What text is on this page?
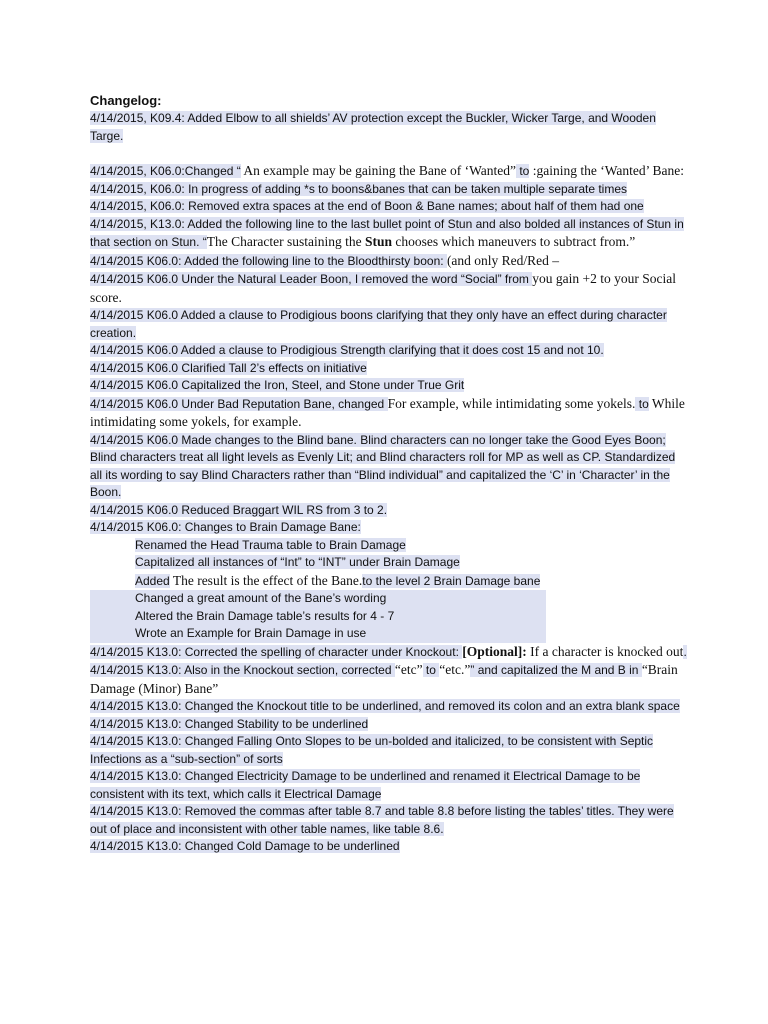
Changelog:

4/14/2015, K09.4: Added Elbow to all shields’ AV protection except the Buckler, Wicker Targe, and Wooden Targe.

4/14/2015, K06.0:Changed “ An example may be gaining the Bane of ‘Wanted” to :gaining the ‘Wanted’ Bane:

4/14/2015, K06.0: In progress of adding *s to boons&banes that can be taken multiple separate times

4/14/2015, K06.0: Removed extra spaces at the end of Boon & Bane names; about half of them had one

4/14/2015, K13.0: Added the following line to the last bullet point of Stun and also bolded all instances of Stun in that section on Stun. “The Character sustaining the Stun chooses which maneuvers to subtract from.”

4/14/2015 K06.0: Added the following line to the Bloodthirsty boon: (and only Red/Red –

4/14/2015 K06.0 Under the Natural Leader Boon, I removed the word “Social” from you gain +2 to your Social score.

4/14/2015 K06.0 Added a clause to Prodigious boons clarifying that they only have an effect during character creation.

4/14/2015 K06.0 Added a clause to Prodigious Strength clarifying that it does cost 15 and not 10.

4/14/2015 K06.0 Clarified Tall 2’s effects on initiative

4/14/2015 K06.0 Capitalized the Iron, Steel, and Stone under True Grit

4/14/2015 K06.0 Under Bad Reputation Bane, changed For example, while intimidating some yokels. to While intimidating some yokels, for example.

4/14/2015 K06.0 Made changes to the Blind bane. Blind characters can no longer take the Good Eyes Boon; Blind characters treat all light levels as Evenly Lit; and Blind characters roll for MP as well as CP. Standardized all its wording to say Blind Characters rather than “Blind individual” and capitalized the ‘C’ in ‘Character’ in the Boon.

4/14/2015 K06.0 Reduced Braggart WIL RS from 3 to 2.

4/14/2015 K06.0: Changes to Brain Damage Bane:

Renamed the Head Trauma table to Brain Damage

Capitalized all instances of “Int” to “INT” under Brain Damage

Added The result is the effect of the Bane.to the level 2 Brain Damage bane

Changed a great amount of the Bane’s wording

Altered the Brain Damage table’s results for 4 - 7

Wrote an Example for Brain Damage in use

4/14/2015 K13.0: Corrected the spelling of character under Knockout: [Optional]: If a character is knocked out.

4/14/2015 K13.0: Also in the Knockout section, corrected “etc” to “etc.”” and capitalized the M and B in “Brain Damage (Minor) Bane”

4/14/2015 K13.0: Changed the Knockout title to be underlined, and removed its colon and an extra blank space

4/14/2015 K13.0: Changed Stability to be underlined

4/14/2015 K13.0: Changed Falling Onto Slopes to be un-bolded and italicized, to be consistent with Septic Infections as a “sub-section” of sorts

4/14/2015 K13.0: Changed Electricity Damage to be underlined and renamed it Electrical Damage to be consistent with its text, which calls it Electrical Damage

4/14/2015 K13.0: Removed the commas after table 8.7 and table 8.8 before listing the tables’ titles. They were out of place and inconsistent with other table names, like table 8.6.

4/14/2015 K13.0: Changed Cold Damage to be underlined
